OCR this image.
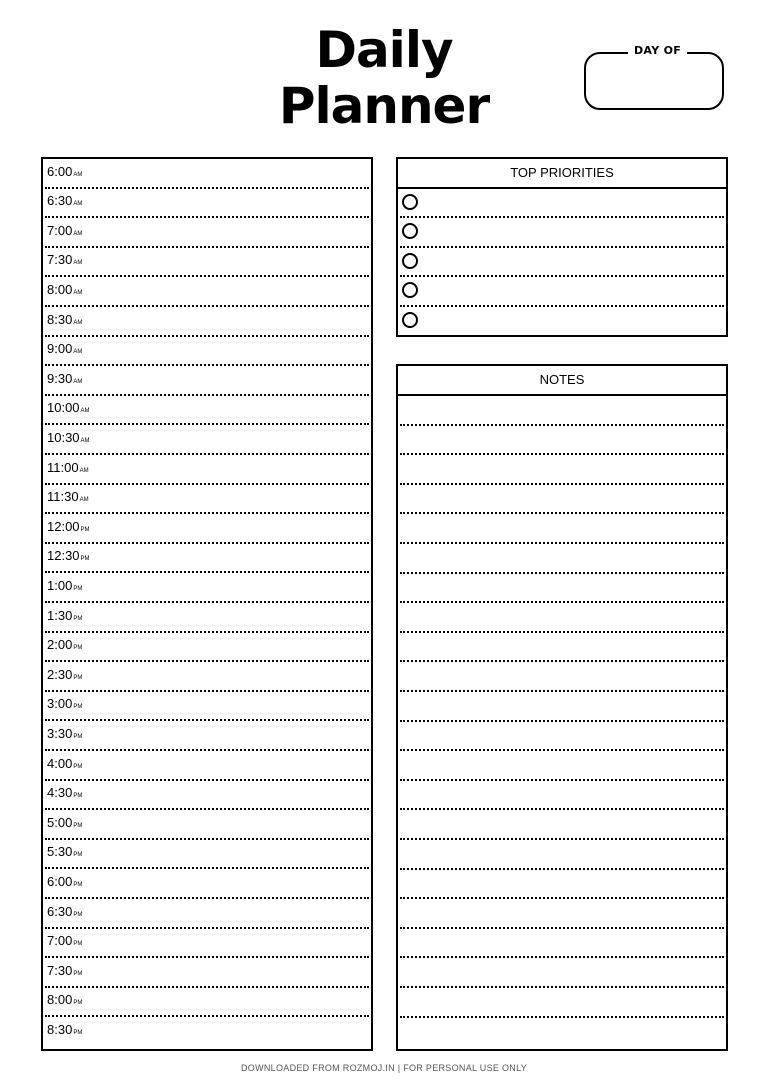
Daily
Planner
DAY OF
6:00AM
6:30AM
7:00AM
7:30AM
8:00AM
8:30AM
9:00AM
9:30AM
10:00AM
10:30AM
11:00AM
11:30AM
12:00PM
12:30PM
1:00PM
1:30PM
2:00PM
2:30PM
3:00PM
3:30PM
4:00PM
4:30PM
5:00PM
5:30PM
6:00PM
6:30PM
7:00PM
7:30PM
8:00PM
8:30PM
TOP PRIORITIES
NOTES
DOWNLOADED FROM ROZMOJ.IN | FOR PERSONAL USE ONLY
